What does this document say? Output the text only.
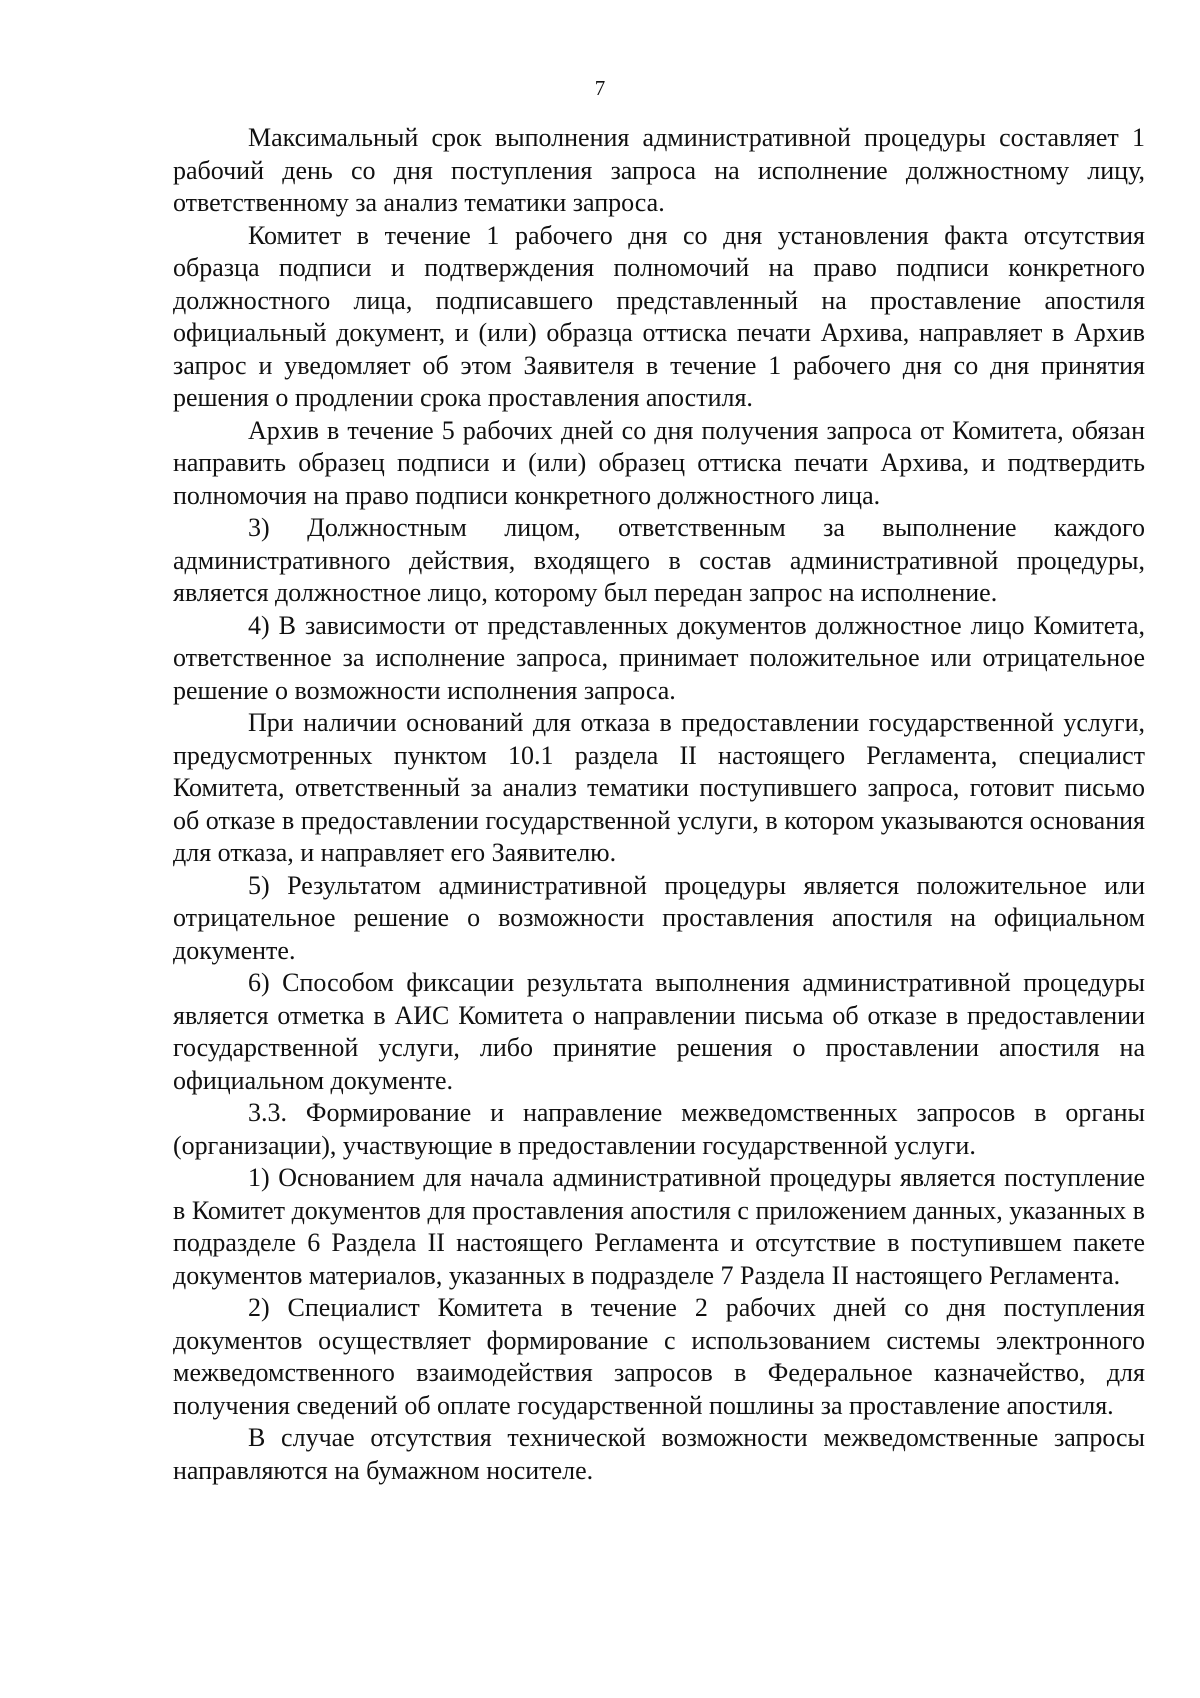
7

Максимальный срок выполнения административной процедуры составляет 1 рабочий день со дня поступления запроса на исполнение должностному лицу, ответственному за анализ тематики запроса.

Комитет в течение 1 рабочего дня со дня установления факта отсутствия образца подписи и подтверждения полномочий на право подписи конкретного должностного лица, подписавшего представленный на проставление апостиля официальный документ, и (или) образца оттиска печати Архива, направляет в Архив запрос и уведомляет об этом Заявителя в течение 1 рабочего дня со дня принятия решения о продлении срока проставления апостиля.

Архив в течение 5 рабочих дней со дня получения запроса от Комитета, обязан направить образец подписи и (или) образец оттиска печати Архива, и подтвердить полномочия на право подписи конкретного должностного лица.

3) Должностным лицом, ответственным за выполнение каждого административного действия, входящего в состав административной процедуры, является должностное лицо, которому был передан запрос на исполнение.

4) В зависимости от представленных документов должностное лицо Комитета, ответственное за исполнение запроса, принимает положительное или отрицательное решение о возможности исполнения запроса.

При наличии оснований для отказа в предоставлении государственной услуги, предусмотренных пунктом 10.1 раздела II настоящего Регламента, специалист Комитета, ответственный за анализ тематики поступившего запроса, готовит письмо об отказе в предоставлении государственной услуги, в котором указываются основания для отказа, и направляет его Заявителю.

5) Результатом административной процедуры является положительное или отрицательное решение о возможности проставления апостиля на официальном документе.

6) Способом фиксации результата выполнения административной процедуры является отметка в АИС Комитета о направлении письма об отказе в предоставлении государственной услуги, либо принятие решения о проставлении апостиля на официальном документе.

3.3. Формирование и направление межведомственных запросов в органы (организации), участвующие в предоставлении государственной услуги.

1) Основанием для начала административной процедуры является поступление в Комитет документов для проставления апостиля с приложением данных, указанных в подразделе 6 Раздела II настоящего Регламента и отсутствие в поступившем пакете документов материалов, указанных в подразделе 7 Раздела II настоящего Регламента.

2) Специалист Комитета в течение 2 рабочих дней со дня поступления документов осуществляет формирование с использованием системы электронного межведомственного взаимодействия запросов в Федеральное казначейство, для получения сведений об оплате государственной пошлины за проставление апостиля.

В случае отсутствия технической возможности межведомственные запросы направляются на бумажном носителе.
